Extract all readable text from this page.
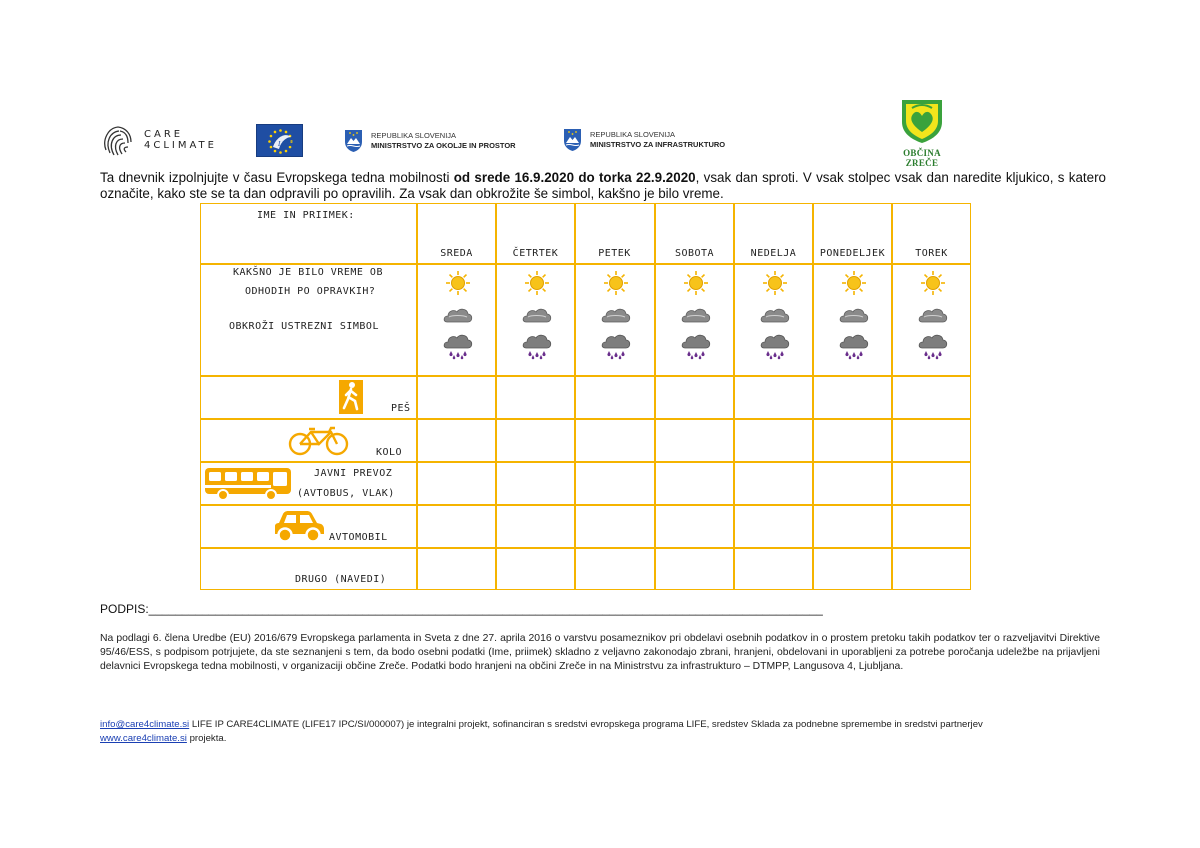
CARE
4CLIMATE	LIFE
REPUBLIKA SLOVENIJA
MINISTRSTVO ZA OKOLJE IN PROSTOR
REPUBLIKA SLOVENIJA
MINISTRSTVO ZA INFRASTRUKTURO
OBČINA ZREČE

Ta dnevnik izpolnjujte v času Evropskega tedna mobilnosti od srede 16.9.2020 do torka 22.9.2020, vsak dan sproti. V vsak stolpec vsak dan naredite kljukico, s katero označite, kako ste se ta dan odpravili po opravilih. Za vsak dan obkrožite še simbol, kakšno je bilo vreme.

IME IN PRIIMEK:
SREDA	ČETRTEK	PETEK	SOBOTA	NEDELJA	PONEDELJEK	TOREK
KAKŠNO JE BILO VREME OB
ODHODIH PO OPRAVKIH?
OBKROŽI USTREZNI SIMBOL
PEŠ
KOLO
JAVNI PREVOZ
(AVTOBUS, VLAK)
AVTOMOBIL
DRUGO (NAVEDI)
PODPIS:_____________________________________________________________________________________________________

Na podlagi 6. člena Uredbe (EU) 2016/679 Evropskega parlamenta in Sveta z dne 27. aprila 2016 o varstvu posameznikov pri obdelavi osebnih podatkov in o prostem pretoku takih podatkov ter o razveljavitvi Direktive 95/46/ESS, s podpisom potrjujete, da ste seznanjeni s tem, da bodo osebni podatki (Ime, priimek) skladno z veljavno zakonodajo zbrani, hranjeni, obdelovani in uporabljeni za potrebe poročanja udeležbe na prijavljeni delavnici Evropskega tedna mobilnosti, v organizaciji občine Zreče. Podatki bodo hranjeni na občini Zreče in na Ministrstvu za infrastrukturo – DTMPP, Langusova 4, Ljubljana.

info@care4climate.si LIFE IP CARE4CLIMATE (LIFE17 IPC/SI/000007) je integralni projekt, sofinanciran s sredstvi evropskega programa LIFE, sredstev Sklada za podnebne spremembe in sredstvi partnerjev
www.care4climate.si projekta.
